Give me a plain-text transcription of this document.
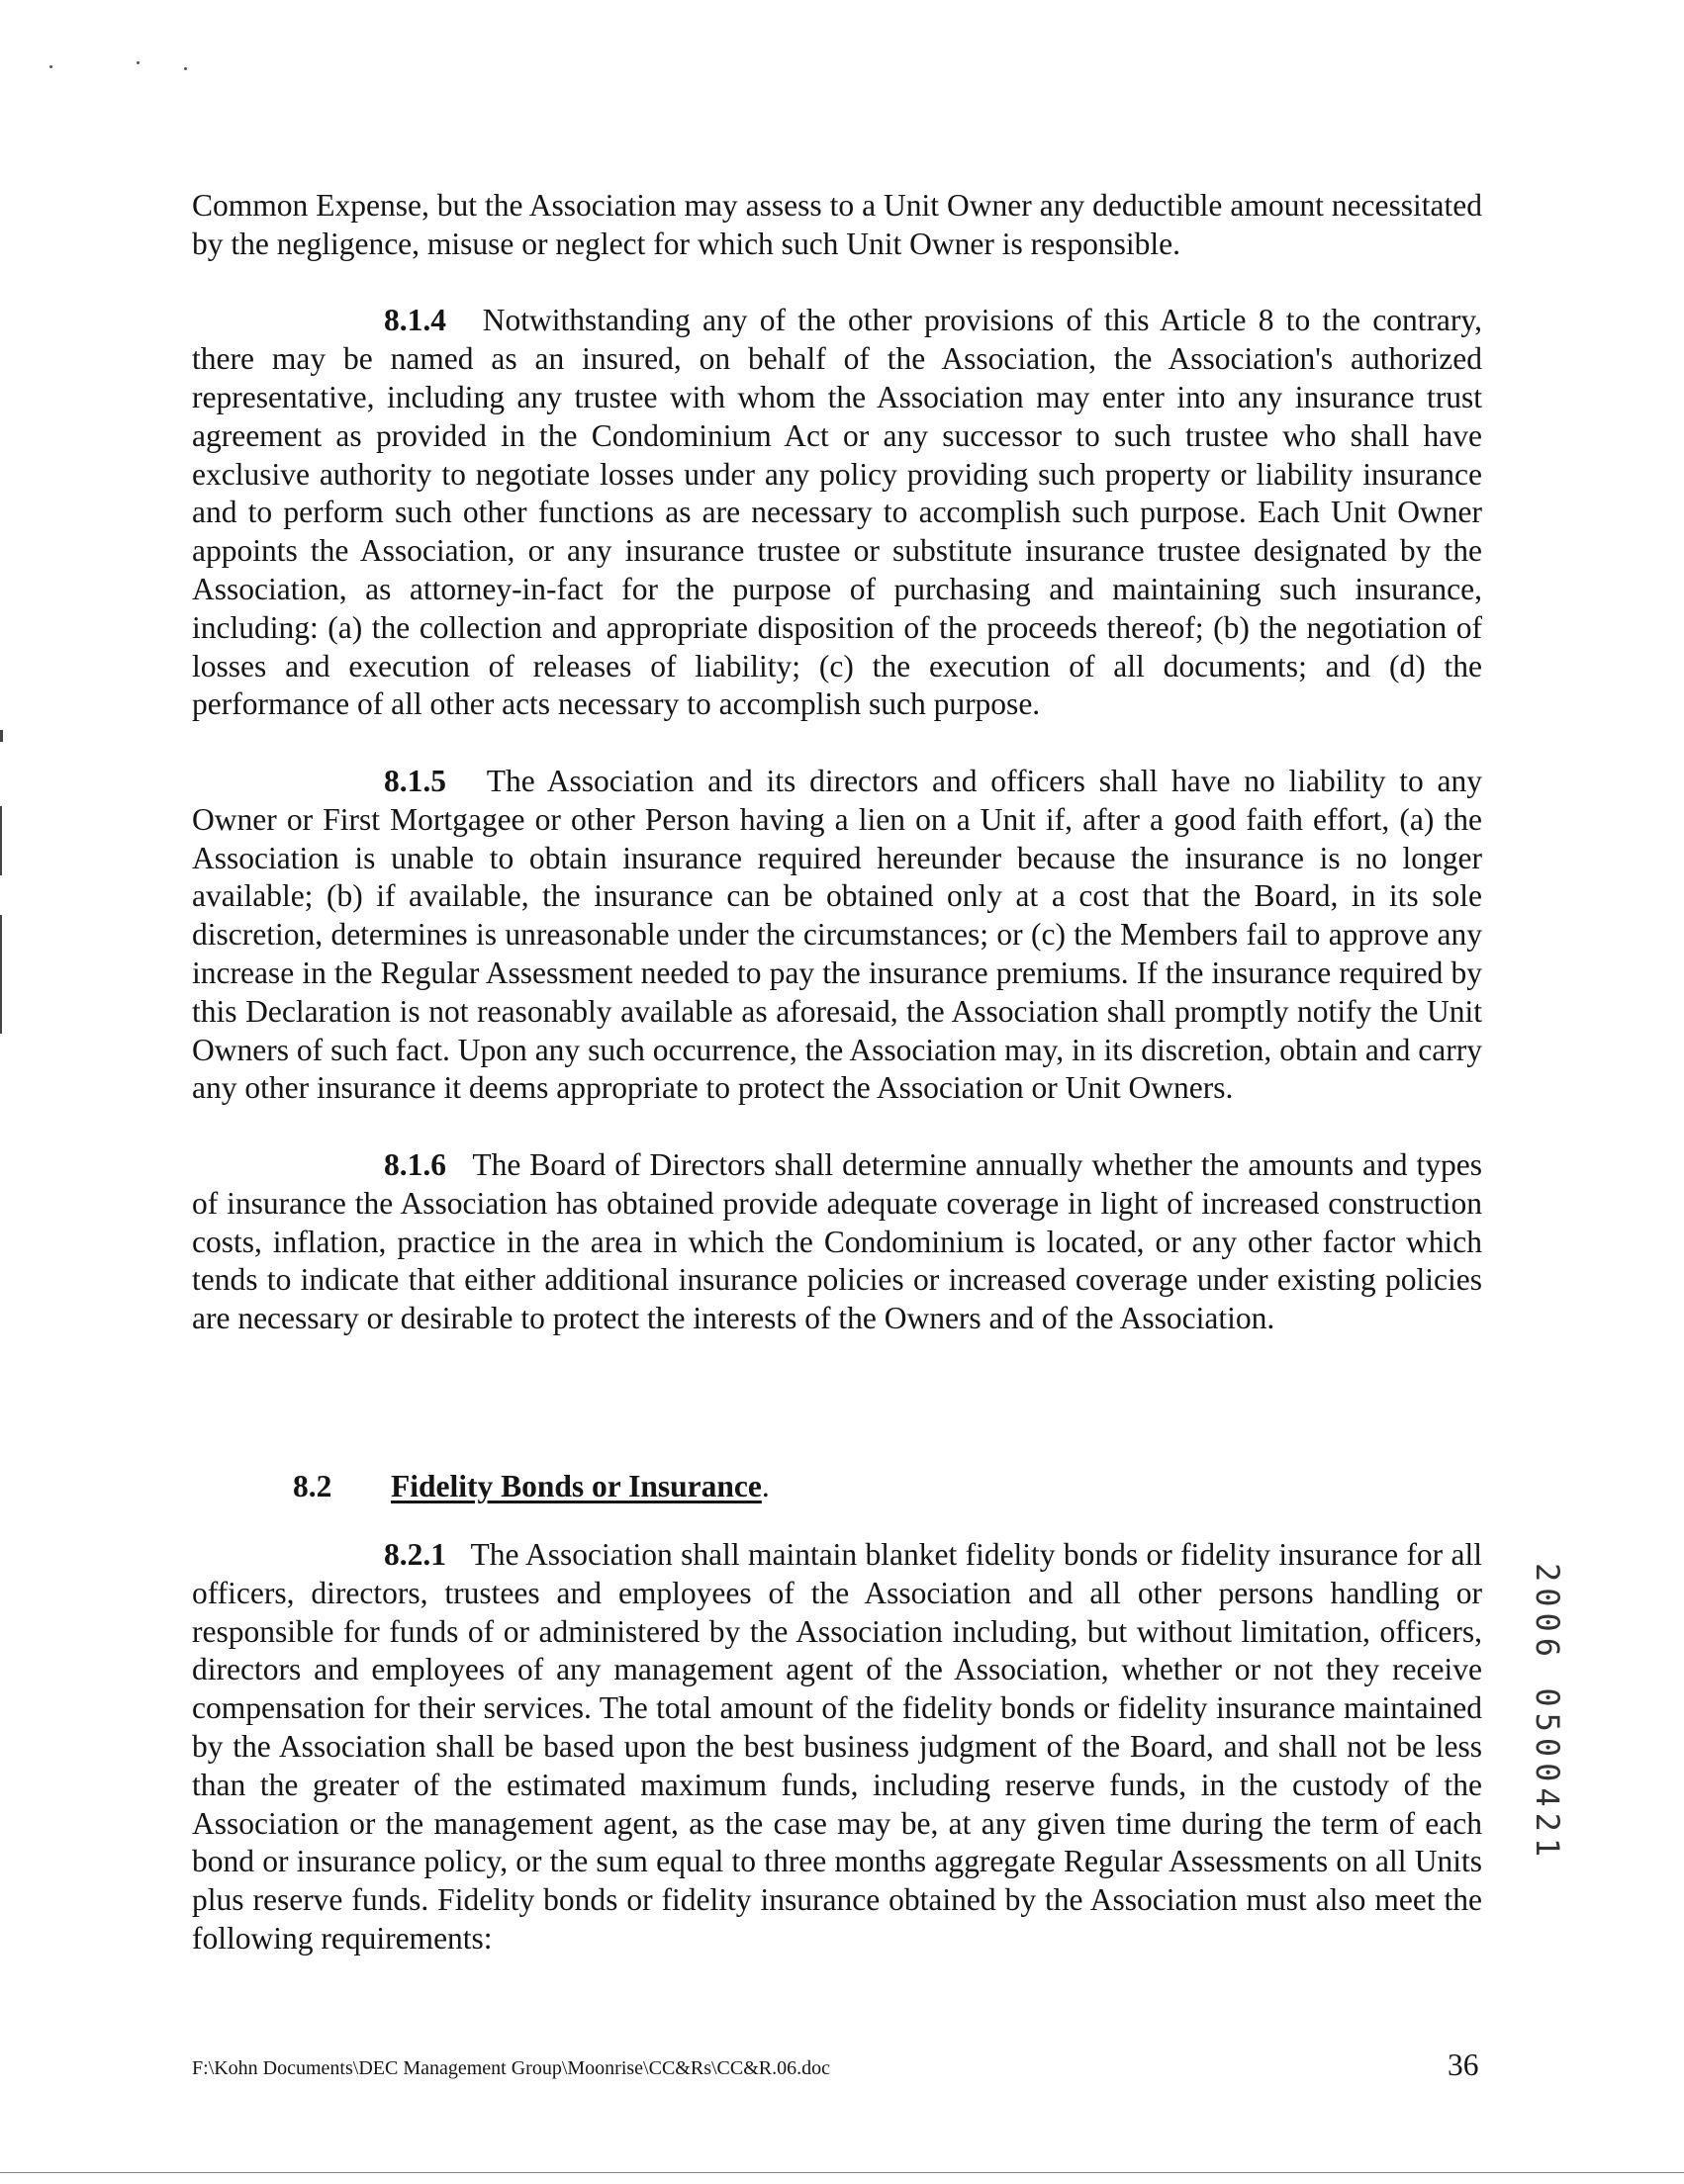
Common Expense, but the Association may assess to a Unit Owner any deductible amount necessitated by the negligence, misuse or neglect for which such Unit Owner is responsible.

8.1.4 Notwithstanding any of the other provisions of this Article 8 to the contrary, there may be named as an insured, on behalf of the Association, the Association's authorized representative, including any trustee with whom the Association may enter into any insurance trust agreement as provided in the Condominium Act or any successor to such trustee who shall have exclusive authority to negotiate losses under any policy providing such property or liability insurance and to perform such other functions as are necessary to accomplish such purpose. Each Unit Owner appoints the Association, or any insurance trustee or substitute insurance trustee designated by the Association, as attorney-in-fact for the purpose of purchasing and maintaining such insurance, including: (a) the collection and appropriate disposition of the proceeds thereof; (b) the negotiation of losses and execution of releases of liability; (c) the execution of all documents; and (d) the performance of all other acts necessary to accomplish such purpose.

8.1.5 The Association and its directors and officers shall have no liability to any Owner or First Mortgagee or other Person having a lien on a Unit if, after a good faith effort, (a) the Association is unable to obtain insurance required hereunder because the insurance is no longer available; (b) if available, the insurance can be obtained only at a cost that the Board, in its sole discretion, determines is unreasonable under the circumstances; or (c) the Members fail to approve any increase in the Regular Assessment needed to pay the insurance premiums. If the insurance required by this Declaration is not reasonably available as aforesaid, the Association shall promptly notify the Unit Owners of such fact. Upon any such occurrence, the Association may, in its discretion, obtain and carry any other insurance it deems appropriate to protect the Association or Unit Owners.

8.1.6 The Board of Directors shall determine annually whether the amounts and types of insurance the Association has obtained provide adequate coverage in light of increased construction costs, inflation, practice in the area in which the Condominium is located, or any other factor which tends to indicate that either additional insurance policies or increased coverage under existing policies are necessary or desirable to protect the interests of the Owners and of the Association.

8.2 Fidelity Bonds or Insurance.

8.2.1 The Association shall maintain blanket fidelity bonds or fidelity insurance for all officers, directors, trustees and employees of the Association and all other persons handling or responsible for funds of or administered by the Association including, but without limitation, officers, directors and employees of any management agent of the Association, whether or not they receive compensation for their services. The total amount of the fidelity bonds or fidelity insurance maintained by the Association shall be based upon the best business judgment of the Board, and shall not be less than the greater of the estimated maximum funds, including reserve funds, in the custody of the Association or the management agent, as the case may be, at any given time during the term of each bond or insurance policy, or the sum equal to three months aggregate Regular Assessments on all Units plus reserve funds. Fidelity bonds or fidelity insurance obtained by the Association must also meet the following requirements:

2006 0500421
F:\Kohn Documents\DEC Management Group\Moonrise\CC&Rs\CC&R.06.doc	36
